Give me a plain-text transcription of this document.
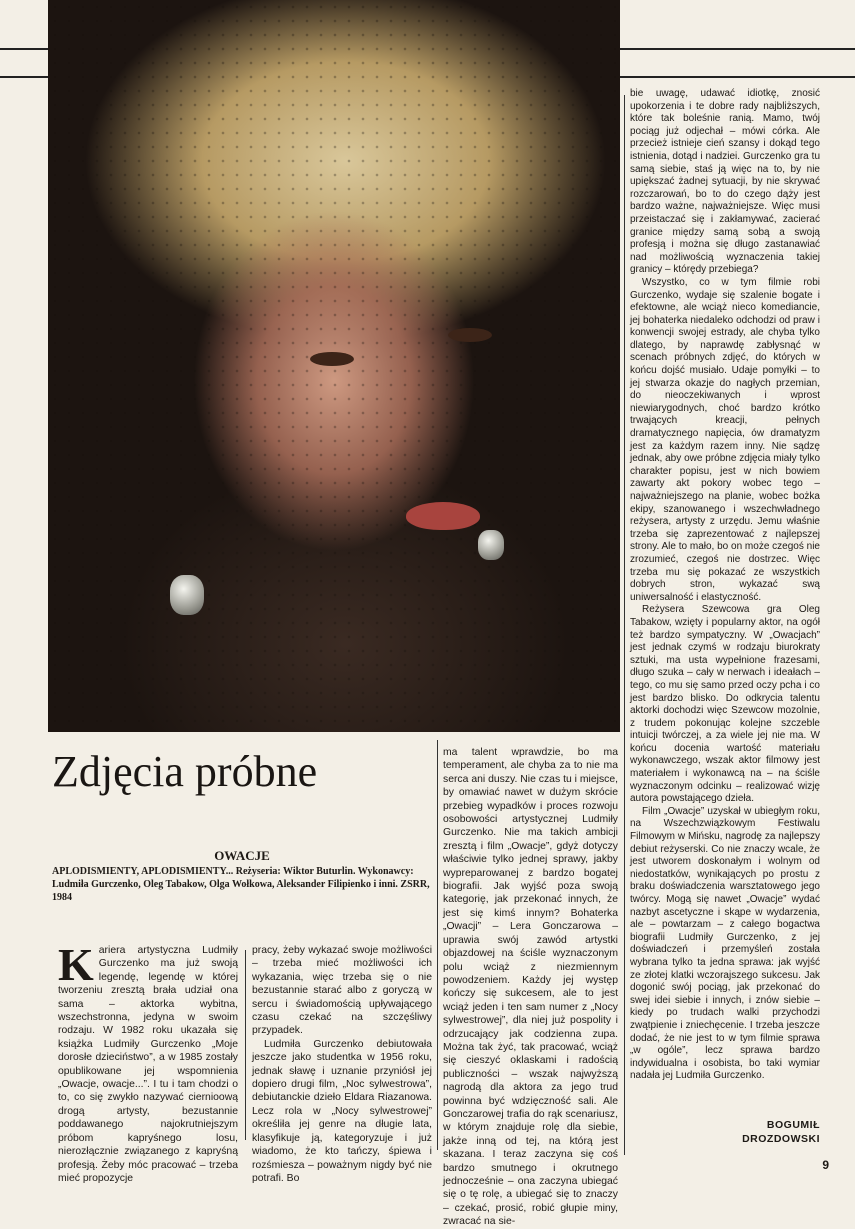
Zdjęcia próbne
OWACJE
APLODISMIENTY, APLODISMIENTY... Reżyseria: Wiktor Buturlin. Wykonawcy: Ludmiła Gurczenko, Oleg Tabakow, Olga Wołkowa, Aleksander Filipienko i inni. ZSRR, 1984

Kariera artystyczna Ludmiły Gurczenko ma już swoją legendę, legendę w której tworzeniu zresztą brała udział ona sama – aktorka wybitna, wszechstronna, jedyna w swoim rodzaju. W 1982 roku ukazała się książka Ludmiły Gurczenko „Moje dorosłe dzieciństwo”, a w 1985 zostały opublikowane jej wspomnienia „Owacje, owacje...”. I tu i tam chodzi o to, co się zwykło nazywać ciernioową drogą artysty, bezustannie poddawanego najokrutniejszym próbom kapryśnego losu, nierozłącznie związanego z kapryśną profesją. Żeby móc pracować – trzeba mieć propozycje

pracy, żeby wykazać swoje możliwości – trzeba mieć możliwości ich wykazania, więc trzeba się o nie bezustannie starać albo z goryczą w sercu i świadomością upływającego czasu czekać na szczęśliwy przypadek.

Ludmiła Gurczenko debiutowała jeszcze jako studentka w 1956 roku, jednak sławę i uznanie przyniósł jej dopiero drugi film, „Noc sylwestrowa”, debiutanckie dzieło Eldara Riazanowa. Lecz rola w „Nocy sylwestrowej” określiła jej genre na długie lata, klasyfikuje ją, kategoryzuje i już wiadomo, że kto tańczy, śpiewa i rozśmiesza – poważnym nigdy być nie potrafi. Bo

ma talent wprawdzie, bo ma temperament, ale chyba za to nie ma serca ani duszy. Nie czas tu i miejsce, by omawiać nawet w dużym skrócie przebieg wypadków i proces rozwoju osobowości artystycznej Ludmiły Gurczenko. Nie ma takich ambicji zresztą i film „Owacje”, gdyż dotyczy właściwie tylko jednej sprawy, jakby wypreparowanej z bardzo bogatej biografii. Jak wyjść poza swoją kategorię, jak przekonać innych, że jest się kimś innym? Bohaterka „Owacji” – Lera Gonczarowa – uprawia swój zawód artystki objazdowej na ściśle wyznaczonym polu wciąż z niezmiennym powodzeniem. Każdy jej występ kończy się sukcesem, ale to jest wciąż jeden i ten sam numer z „Nocy sylwestrowej”, dla niej już pospolity i odrzucający jak codzienna zupa. Można tak żyć, tak pracować, wciąż się cieszyć oklaskami i radością publiczności – wszak najwyższą nagrodą dla aktora za jego trud powinna być wdzięczność sali. Ale Gonczarowej trafia do rąk scenariusz, w którym znajduje rolę dla siebie, jakże inną od tej, na którą jest skazana. I teraz zaczyna się coś bardzo smutnego i okrutnego jednocześnie – ona zaczyna ubiegać się o tę rolę, a ubiegać się to znaczy – czekać, prosić, robić głupie miny, zwracać na sie-

bie uwagę, udawać idiotkę, znosić upokorzenia i te dobre rady najbliższych, które tak boleśnie ranią. Mamo, twój pociąg już odjechał – mówi córka. Ale przecież istnieje cień szansy i dokąd tego istnienia, dotąd i nadziei. Gurczenko gra tu samą siebie, staś ją więc na to, by nie upiększać żadnej sytuacji, by nie skrywać rozczarowań, bo to do czego dąży jest bardzo ważne, najważniejsze. Więc musi przeistaczać się i zakłamywać, zacierać granice między samą sobą a swoją profesją i można się długo zastanawiać nad możliwością wyznaczenia takiej granicy – którędy przebiega?

Wszystko, co w tym filmie robi Gurczenko, wydaje się szalenie bogate i efektowne, ale wciąż nieco komediancie, jej bohaterka niedaleko odchodzi od praw i konwencji swojej estrady, ale chyba tylko dlatego, by naprawdę zabłysnąć w scenach próbnych zdjęć, do których w końcu dojść musiało. Udaje pomyłki – to jej stwarza okazje do nagłych przemian, do nieoczekiwanych i wprost niewiarygodnych, choć bardzo krótko trwających kreacji, pełnych dramatycznego napięcia, ów dramatyzm jest za każdym razem inny. Nie sądzę jednak, aby owe próbne zdjęcia miały tylko charakter popisu, jest w nich bowiem zawarty akt pokory wobec tego – najważniejszego na planie, wobec bożka ekipy, szanowanego i wszechwładnego reżysera, artysty z urzędu. Jemu właśnie trzeba się zaprezentować z najlepszej strony. Ale to mało, bo on może czegoś nie zrozumieć, czegoś nie dostrzec. Więc trzeba mu się pokazać ze wszystkich dobrych stron, wykazać swą uniwersalność i elastyczność.

Reżysera Szewcowa gra Oleg Tabakow, wzięty i popularny aktor, na ogół też bardzo sympatyczny. W „Owacjach” jest jednak czymś w rodzaju biurokraty sztuki, ma usta wypełnione frazesami, długo szuka – cały w nerwach i ideałach – tego, co mu się samo przed oczy pcha i co jest bardzo blisko. Do odkrycia talentu aktorki dochodzi więc Szewcow mozolnie, z trudem pokonując kolejne szczeble intuicji twórczej, a za wiele jej nie ma. W końcu docenia wartość materiału wykonawczego, wszak aktor filmowy jest materiałem i wykonawcą na – na ściśle wyznaczonym odcinku – realizować wizję autora powstającego dzieła.

Film „Owacje” uzyskał w ubiegłym roku, na Wszechzwiązkowym Festiwalu Filmowym w Mińsku, nagrodę za najlepszy debiut reżyserski. Co nie znaczy wcale, że jest utworem doskonałym i wolnym od niedostatków, wynikających po prostu z braku doświadczenia warsztatowego jego twórcy. Mogą się nawet „Owacje” wydać nazbyt ascetyczne i skąpe w wydarzenia, ale – powtarzam – z całego bogactwa biografii Ludmiły Gurczenko, z jej doświadczeń i przemyśleń została wybrana tylko ta jedna sprawa: jak wyjść ze złotej klatki wczorajszego sukcesu. Jak dogonić swój pociąg, jak przekonać do swej idei siebie i innych, i znów siebie – kiedy po trudach walki przychodzi zwątpienie i zniechęcenie. I trzeba jeszcze dodać, że nie jest to w tym filmie sprawa „w ogóle”, lecz sprawa bardzo indywidualna i osobista, bo taki wymiar nadała jej Ludmiła Gurczenko.

BOGUMIŁ
DROZDOWSKI
9
